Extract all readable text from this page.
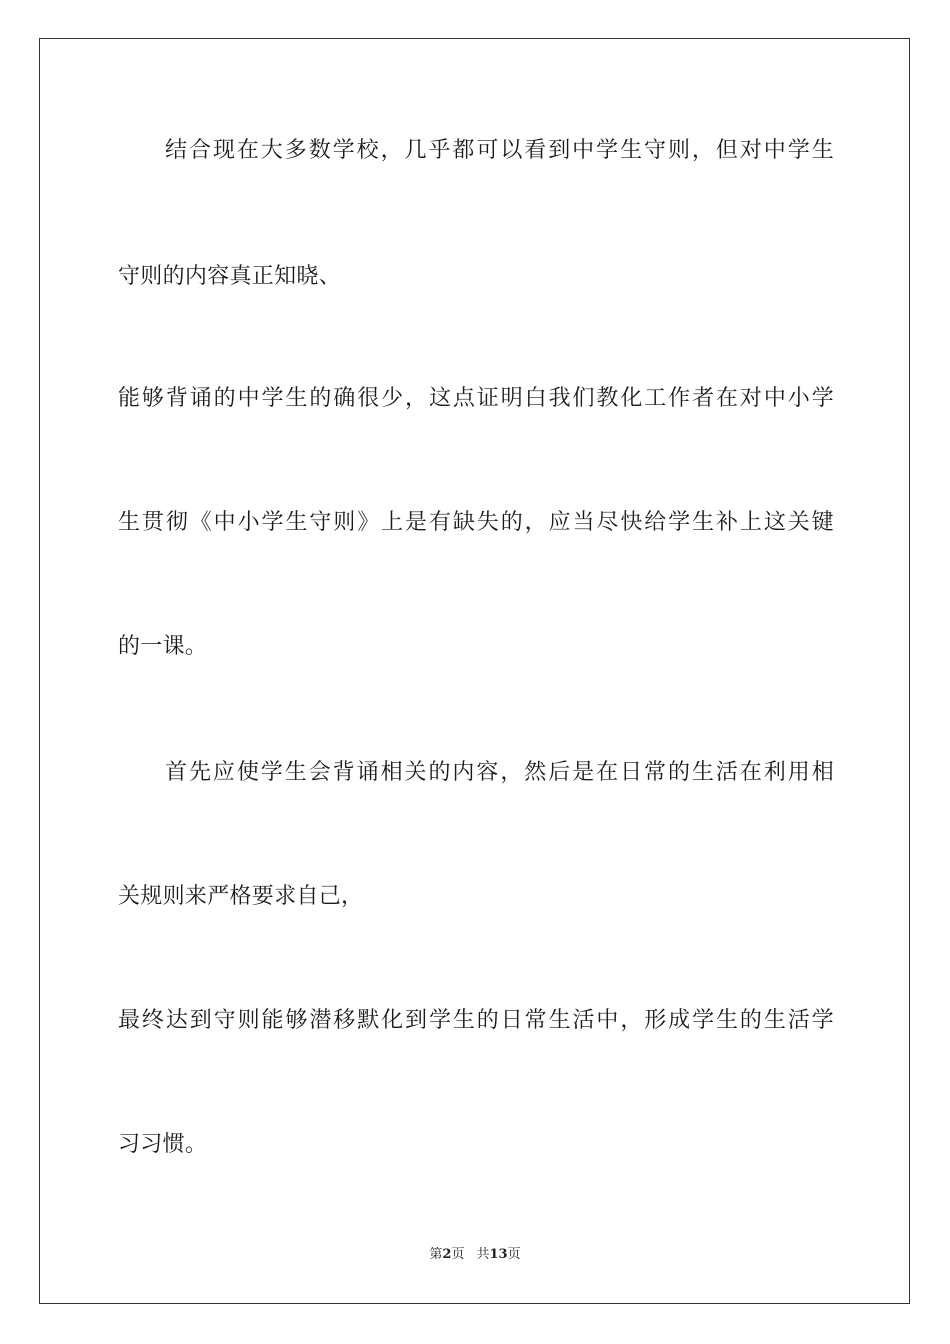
结合现在大多数学校，几乎都可以看到中学生守则，但对中学生
守则的内容真正知晓、
能够背诵的中学生的确很少，这点证明白我们教化工作者在对中小学
生贯彻《中小学生守则》上是有缺失的，应当尽快给学生补上这关键
的一课。
首先应使学生会背诵相关的内容，然后是在日常的生活在利用相
关规则来严格要求自己，
最终达到守则能够潜移默化到学生的日常生活中，形成学生的生活学
习习惯。
第2页 共13页
